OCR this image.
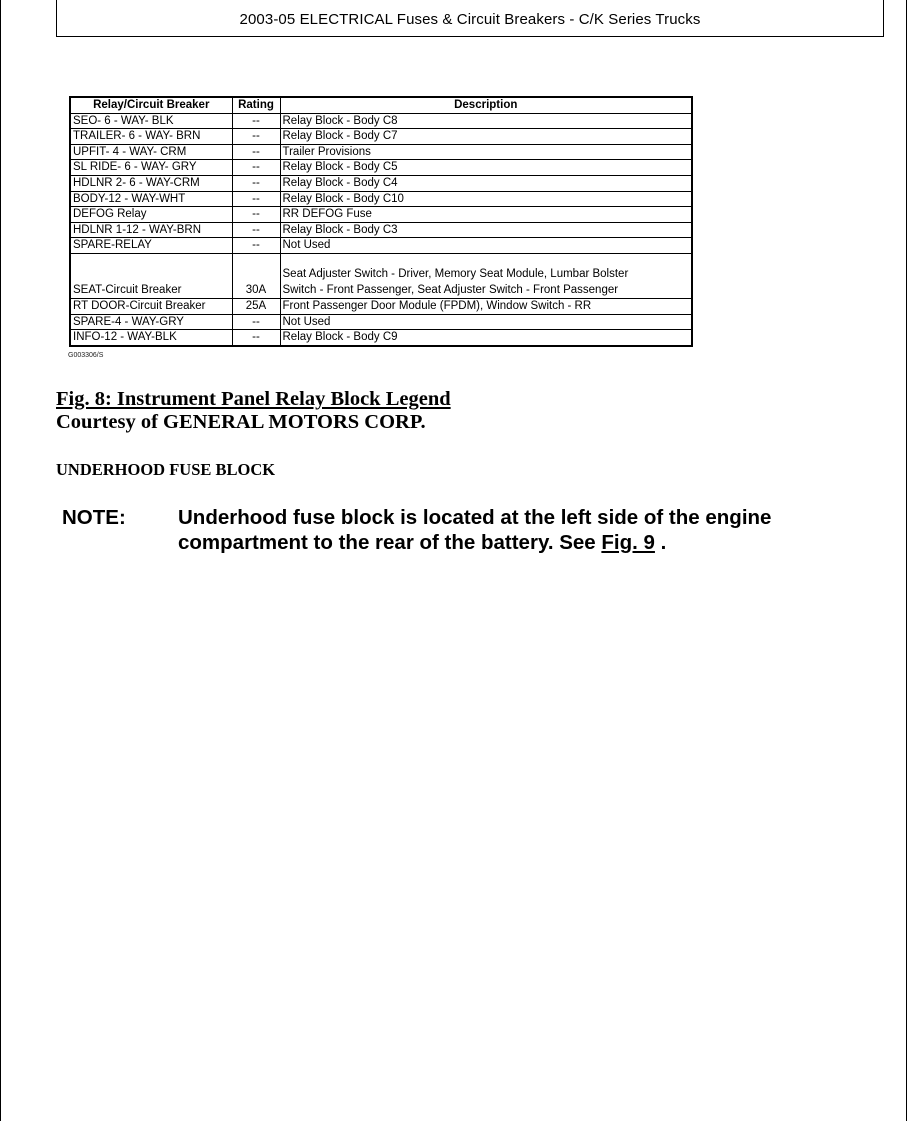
2003-05 ELECTRICAL Fuses & Circuit Breakers - C/K Series Trucks
Relay/Circuit Breaker	Rating	Description
SEO- 6 - WAY- BLK	--	Relay Block - Body C8
TRAILER- 6 - WAY- BRN	--	Relay Block - Body C7
UPFIT- 4 - WAY- CRM	--	Trailer Provisions
SL RIDE- 6 - WAY- GRY	--	Relay Block - Body C5
HDLNR 2- 6 - WAY-CRM	--	Relay Block - Body C4
BODY-12 - WAY-WHT	--	Relay Block - Body C10
DEFOG Relay	--	RR DEFOG Fuse
HDLNR 1-12 - WAY-BRN	--	Relay Block - Body C3
SPARE-RELAY	--	Not Used
SEAT-Circuit Breaker	30A	Seat Adjuster Switch - Driver, Memory Seat Module, Lumbar Bolster
Switch - Front Passenger, Seat Adjuster Switch - Front Passenger

RT DOOR-Circuit Breaker	25A	Front Passenger Door Module (FPDM), Window Switch - RR
SPARE-4 - WAY-GRY	--	Not Used
INFO-12 - WAY-BLK	--	Relay Block - Body C9
G003306/S
Fig. 8: Instrument Panel Relay Block Legend
Courtesy of GENERAL MOTORS CORP.
UNDERHOOD FUSE BLOCK
NOTE:	Underhood fuse block is located at the left side of the engine compartment to the rear of the battery. See Fig. 9 .
